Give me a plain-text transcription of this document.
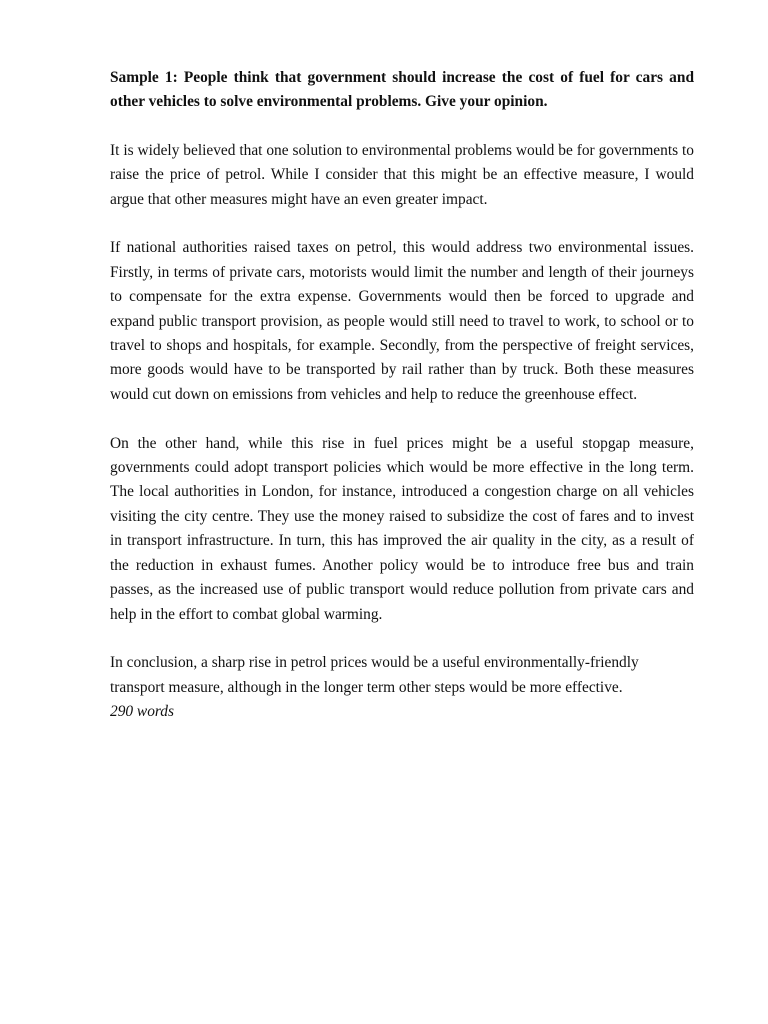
Sample 1: People think that government should increase the cost of fuel for cars and other vehicles to solve environmental problems. Give your opinion.

It is widely believed that one solution to environmental problems would be for governments to raise the price of petrol. While I consider that this might be an effective measure, I would argue that other measures might have an even greater impact.

If national authorities raised taxes on petrol, this would address two environmental issues. Firstly, in terms of private cars, motorists would limit the number and length of their journeys to compensate for the extra expense. Governments would then be forced to upgrade and expand public transport provision, as people would still need to travel to work, to school or to travel to shops and hospitals, for example. Secondly, from the perspective of freight services, more goods would have to be transported by rail rather than by truck. Both these measures would cut down on emissions from vehicles and help to reduce the greenhouse effect.

On the other hand, while this rise in fuel prices might be a useful stopgap measure, governments could adopt transport policies which would be more effective in the long term. The local authorities in London, for instance, introduced a congestion charge on all vehicles visiting the city centre. They use the money raised to subsidize the cost of fares and to invest in transport infrastructure. In turn, this has improved the air quality in the city, as a result of the reduction in exhaust fumes. Another policy would be to introduce free bus and train passes, as the increased use of public transport would reduce pollution from private cars and help in the effort to combat global warming.

In conclusion, a sharp rise in petrol prices would be a useful environmentally-friendly transport measure, although in the longer term other steps would be more effective.

290 words
